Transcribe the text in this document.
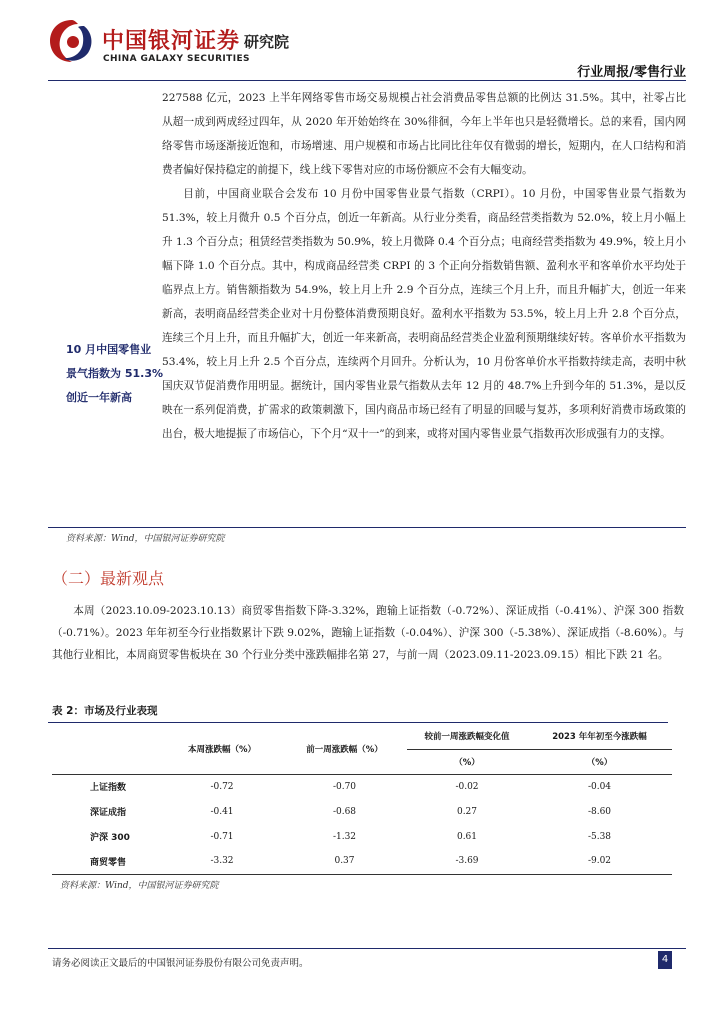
中国银河证券 研究院
CHINA GALAXY SECURITIES
行业周报/零售行业
10 月中国零售业
景气指数为 51.3%
创近一年新高

227588 亿元，2023 上半年网络零售市场交易规模占社会消费品零售总额的比例达 31.5%。其中，社零占比从超一成到两成经过四年，从 2020 年开始始终在 30%徘徊，今年上半年也只是轻微增长。总的来看，国内网络零售市场逐渐接近饱和，市场增速、用户规模和市场占比同比往年仅有微弱的增长，短期内，在人口结构和消费者偏好保持稳定的前提下，线上线下零售对应的市场份额应不会有大幅变动。

目前，中国商业联合会发布 10 月份中国零售业景气指数（CRPI）。10 月份，中国零售业景气指数为 51.3%，较上月微升 0.5 个百分点，创近一年新高。从行业分类看，商品经营类指数为 52.0%，较上月小幅上升 1.3 个百分点；租赁经营类指数为 50.9%，较上月微降 0.4 个百分点；电商经营类指数为 49.9%，较上月小幅下降 1.0 个百分点。其中，构成商品经营类 CRPI 的 3 个正向分指数销售额、盈利水平和客单价水平均处于临界点上方。销售额指数为 54.9%，较上月上升 2.9 个百分点，连续三个月上升，而且升幅扩大，创近一年来新高，表明商品经营类企业对十月份整体消费预期良好。盈利水平指数为 53.5%，较上月上升 2.8 个百分点，连续三个月上升，而且升幅扩大，创近一年来新高，表明商品经营类企业盈利预期继续好转。客单价水平指数为 53.4%，较上月上升 2.5 个百分点，连续两个月回升。分析认为，10 月份客单价水平指数持续走高，表明中秋国庆双节促消费作用明显。据统计，国内零售业景气指数从去年 12 月的 48.7%上升到今年的 51.3%，是以反映在一系列促消费，扩需求的政策刺激下，国内商品市场已经有了明显的回暖与复苏，多项利好消费市场政策的出台，极大地提振了市场信心，下个月“双十一”的到来，或将对国内零售业景气指数再次形成强有力的支撑。

资料来源：Wind，中国银河证券研究院
（二）最新观点

本周（2023.10.09-2023.10.13）商贸零售指数下降-3.32%，跑输上证指数（-0.72%）、深证成指（-0.41%）、沪深 300 指数（-0.71%）。2023 年年初至今行业指数累计下跌 9.02%，跑输上证指数（-0.04%）、沪深 300（-5.38%）、深证成指（-8.60%）。与其他行业相比，本周商贸零售板块在 30 个行业分类中涨跌幅排名第 27，与前一周（2023.09.11-2023.09.15）相比下跌 21 名。

表 2：市场及行业表现
	本周涨跌幅（%）	前一周涨跌幅（%）	较前一周涨跌幅变化值	2023 年年初至今涨跌幅
			（%）	（%）
上证指数	-0.72	-0.70	-0.02	-0.04
深证成指	-0.41	-0.68	0.27	-8.60
沪深 300	-0.71	-1.32	0.61	-5.38
商贸零售	-3.32	0.37	-3.69	-9.02
资料来源：Wind，中国银河证券研究院
请务必阅读正文最后的中国银河证券股份有限公司免责声明。	4
